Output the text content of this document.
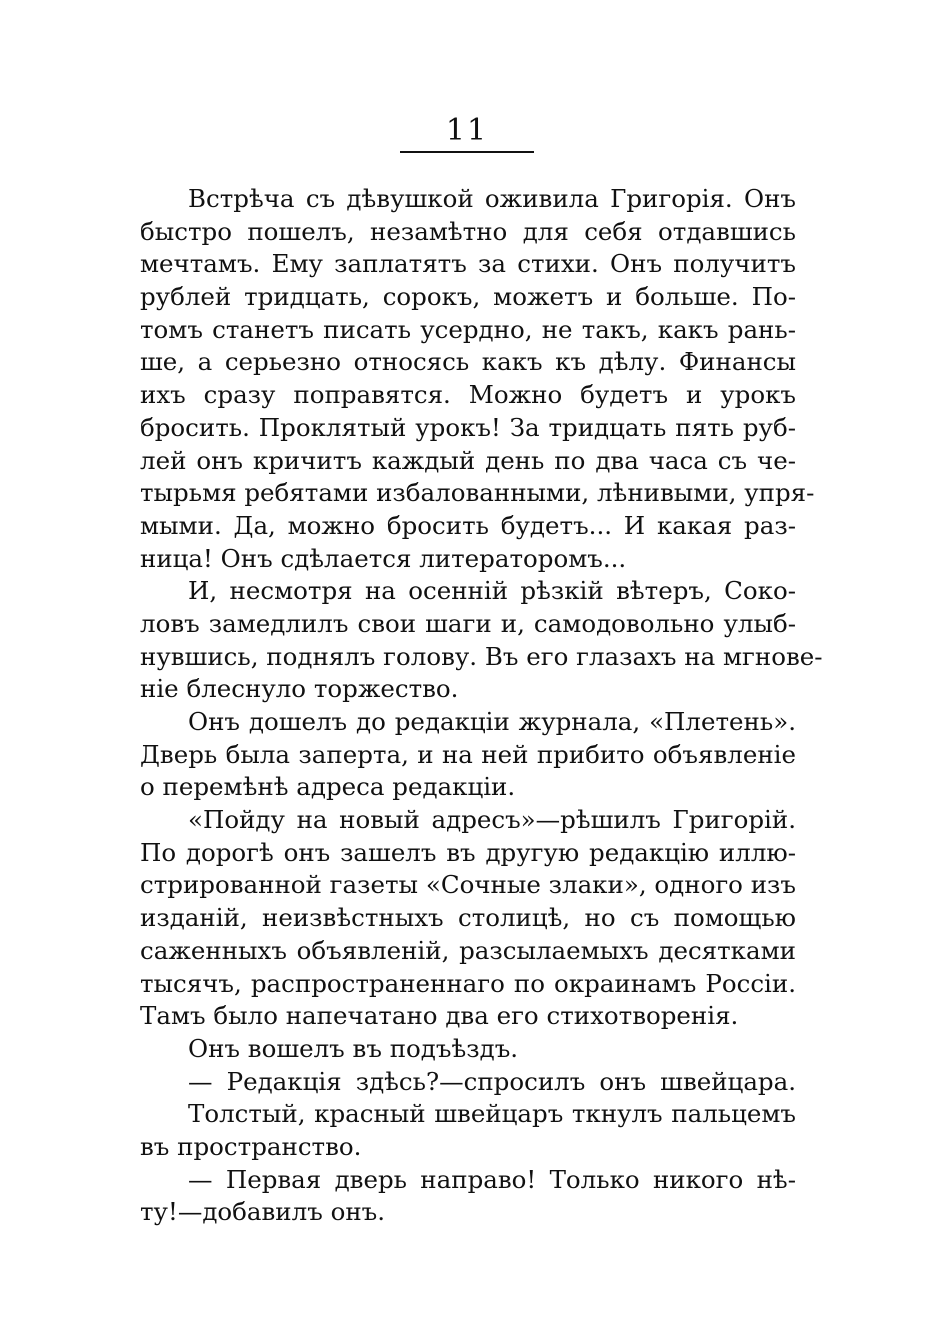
11
Встрѣча съ дѣвушкой оживила Григорія. Онъ
быстро пошелъ, незамѣтно для себя отдавшись
мечтамъ. Ему заплатятъ за стихи. Онъ получитъ
рублей тридцать, сорокъ, можетъ и больше. По-
томъ станетъ писать усердно, не такъ, какъ рань-
ше, а серьезно относясь какъ къ дѣлу. Финансы
ихъ сразу поправятся. Можно будетъ и урокъ
бросить. Проклятый урокъ! За тридцать пять руб-
лей онъ кричитъ каждый день по два часа съ че-
тырьмя ребятами избалованными, лѣнивыми, упря-
мыми. Да, можно бросить будетъ... И какая раз-
ница! Онъ сдѣлается литераторомъ...
И, несмотря на осенній рѣзкій вѣтеръ, Соко-
ловъ замедлилъ свои шаги и, самодовольно улыб-
нувшись, поднялъ голову. Въ его глазахъ на мгнове-
ніе блеснуло торжество.
Онъ дошелъ до редакціи журнала, «Плетень».
Дверь была заперта, и на ней прибито объявленіе
о перемѣнѣ адреса редакціи.
«Пойду на новый адресъ»—рѣшилъ Григорій.
По дорогѣ онъ зашелъ въ другую редакцію иллю-
стрированной газеты «Сочные злаки», одного изъ
изданій, неизвѣстныхъ столицѣ, но съ помощью
саженныхъ объявленій, разсылаемыхъ десятками
тысячъ, распространеннаго по окраинамъ Россіи.
Тамъ было напечатано два его стихотворенія.
Онъ вошелъ въ подъѣздъ.
— Редакція здѣсь?—спросилъ онъ швейцара.
Толстый, красный швейцаръ ткнулъ пальцемъ
въ пространство.
— Первая дверь направо! Только никого нѣ-
ту!—добавилъ онъ.
